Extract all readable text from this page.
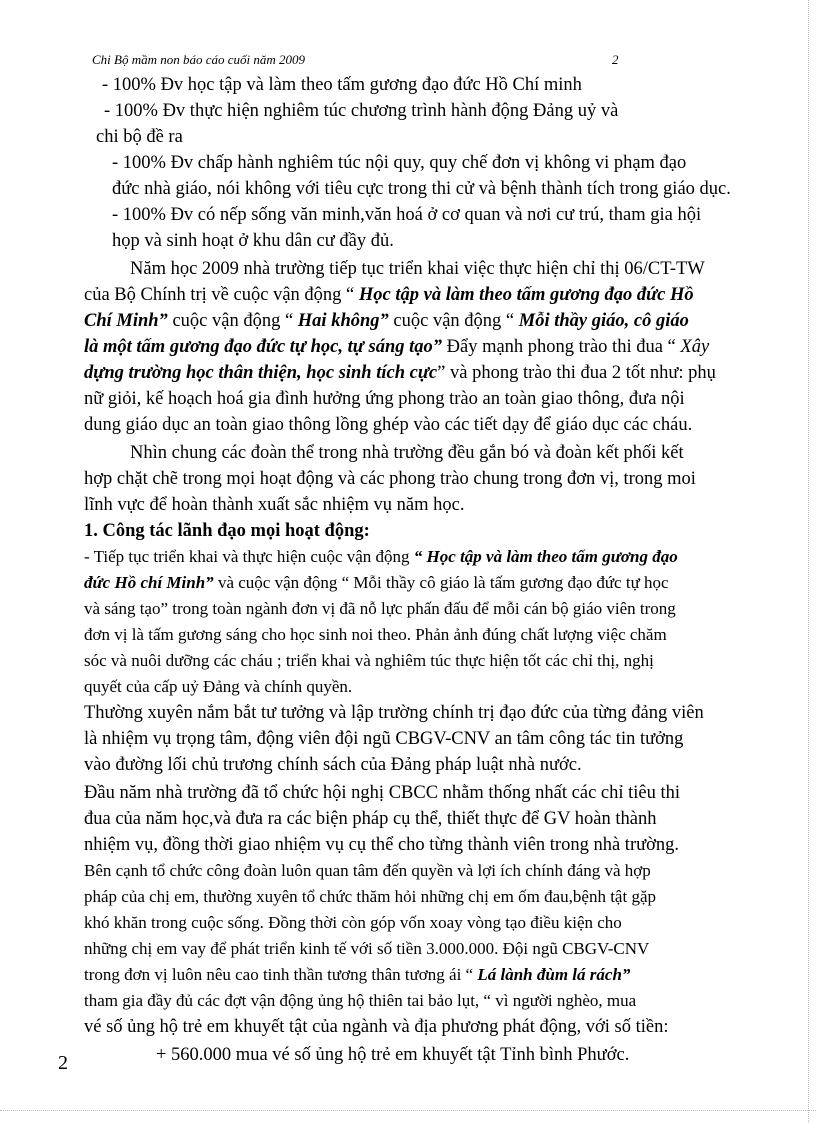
Chi Bộ mầm non báo cáo cuối năm 2009	2
- 100% Đv học tập và làm theo tấm gương đạo đức Hồ Chí minh
- 100% Đv thực hiện nghiêm túc chương trình hành động Đảng uỷ và
chi bộ đề ra
- 100% Đv chấp hành nghiêm túc nội quy, quy chế đơn vị không vi phạm đạo
đức nhà giáo, nói không với tiêu cực trong thi cử và bệnh thành tích trong giáo dục.
- 100% Đv có nếp sống văn minh,văn hoá ở cơ quan và nơi cư trú, tham gia hội
họp và sinh hoạt ở khu dân cư đầy đủ.
Năm học 2009 nhà trường tiếp tục triển khai việc thực hiện chỉ thị 06/CT-TW
của Bộ Chính trị về cuộc vận động “ Học tập và làm theo tấm gương đạo đức Hồ
Chí Minh” cuộc vận động “ Hai không” cuộc vận động “ Mỗi thầy giáo, cô giáo
là một tấm gương đạo đức tự học, tự sáng tạo” Đẩy mạnh phong trào thi đua “ Xây
dựng trường học thân thiện, học sinh tích cực” và phong trào thi đua 2 tốt như: phụ
nữ giỏi, kế hoạch hoá gia đình hưởng ứng phong trào an toàn giao thông, đưa nội
dung giáo dục an toàn giao thông lồng ghép vào các tiết dạy để giáo dục các cháu.
Nhìn chung các đoàn thể trong nhà trường đều gắn bó và đoàn kết phối kết
hợp chặt chẽ trong mọi hoạt động và các phong trào chung trong đơn vị, trong moi
lĩnh vực để hoàn thành xuất sắc nhiệm vụ năm học.
1. Công tác lãnh đạo mọi hoạt động:
- Tiếp tục triển khai và thực hiện cuộc vận động “ Học tập và làm theo tấm gương đạo
đức Hồ chí Minh” và cuộc vận động “ Mỗi thầy cô giáo là tấm gương đạo đức tự học
và sáng tạo” trong toàn ngành đơn vị đã nỗ lực phấn đấu để mỗi cán bộ giáo viên trong
đơn vị là tấm gương sáng cho học sinh noi theo. Phản ảnh đúng chất lượng việc chăm
sóc và nuôi dưỡng các cháu ; triển khai và nghiêm túc thực hiện tốt các chỉ thị, nghị
quyết của cấp uỷ Đảng và chính quyền.
Thường xuyên nắm bắt tư tưởng và lập trường chính trị đạo đức của từng đảng viên
là nhiệm vụ trọng tâm, động viên đội ngũ CBGV-CNV an tâm công tác tin tưởng
vào đường lối chủ trương chính sách của Đảng pháp luật nhà nước.
Đầu năm nhà trường đã tổ chức hội nghị CBCC nhằm thống nhất các chỉ tiêu thi
đua của năm học,và đưa ra các biện pháp cụ thể, thiết thực để GV hoàn thành
nhiệm vụ, đồng thời giao nhiệm vụ cụ thể cho từng thành viên trong nhà trường.
Bên cạnh tổ chức công đoàn luôn quan tâm đến quyền và lợi ích chính đáng và hợp
pháp của chị em, thường xuyên tổ chức thăm hỏi những chị em ốm đau,bệnh tật gặp
khó khăn trong cuộc sống. Đồng thời còn góp vốn xoay vòng tạo điều kiện cho
những chị em vay để phát triển kinh tế với số tiền 3.000.000. Đội ngũ CBGV-CNV
trong đơn vị luôn nêu cao tinh thần tương thân tương ái “ Lá lành đùm lá rách”
tham gia đầy đủ các đợt vận động ủng hộ thiên tai bảo lụt, “ vì người nghèo, mua
vé số ủng hộ trẻ em khuyết tật của ngành và địa phương phát động, với số tiền:
+ 560.000 mua vé số ủng hộ trẻ em khuyết tật Tỉnh bình Phước.
2
